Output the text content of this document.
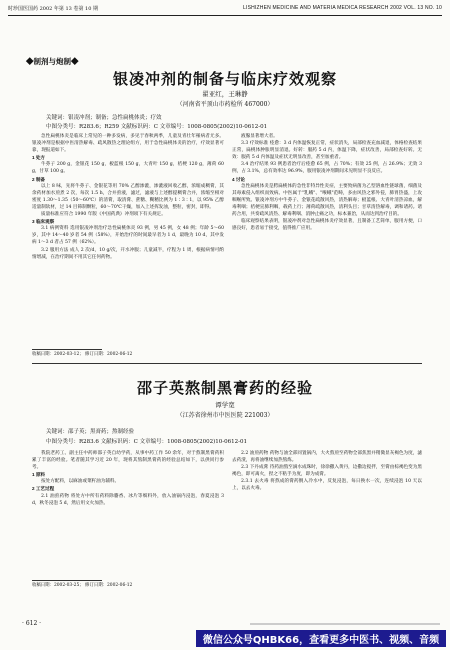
时珍国医国药 2002 年第 13 卷第 10 期	LISHIZHEN MEDICINE AND MATERIA MEDICA RESEARCH 2002 VOL. 13 NO. 10
◆制剂与炮制◆
银凌冲剂的制备与临床疗效观察
翟亚红，王琳静
（河南省平顶山市药检所 467000）
关键词：银凌冲剂；制备；急性扁桃体炎；疗效
中图分类号：R283.6；R259 文献标识码：C 文章编号：1008-0805(2002)10-0612-01

急性扁桃体炎是临床上常见的一种多发病，多见于春秋两季，儿童及青壮年罹病者尤多。银凌冲剂是根据中医清热解毒、疏风散热之理论组方，用于急性扁桃体炎的治疗，疗效显著可靠，现报道如下。

1 处方

牛蒡子 200 g，金银花 150 g，板蓝根 150 g，大青叶 150 g，桔梗 120 g，薄荷 60 g，甘草 100 g。

2 制备

以上 8 味，先将牛蒡子、金银花等用 70% 乙醇渗漉，渗漉液回收乙醇，浓缩成稠膏，其余药材加水煎煮 2 次，每次 1.5 h，合并煎液，滤过，滤液与上述醇提稠膏合并，浓缩至相对密度 1.30～1.35（50～60℃）的清膏，取清膏、蔗糖、糊精比例为 1∶3∶1，以 95% 乙醇适量制软材，过 14 目筛制颗粒，60～70℃干燥，加入上述挥发油，整粒，密封，即得。

质量标准应符合 1990 年版《中国药典》冲剂项下有关规定。

3 临床观察

3.1 病例资料 选用银凌冲剂治疗急性扁桃体炎 93 例，男 45 例，女 48 例；年龄 5～60 岁，其中 14～40 岁者 54 例（58%），开始治疗的时间最早者为 1 d，最晚为 10 d，其中发病 1～3 d 者占 57 例（62%）。

3.2 服用方法 成人 2 次/d，10 g/次，开水冲服；儿童减半，疗程为 1 周，根据病情可酌情增减，在治疗期间不用其它任何药物。

液腺显著增大者。

3.3 疗效标准 痊愈：3 d 内体温恢复正常，症状消失，局部检查充血减退，体格检查结果正常，扁桃体肿胀明显消退。好转：服药 5 d 内，体温下降，症状改善，局部检查好转。无效：服药 5 d 内体温及症状无明显改善，甚至加重者。

3.4 治疗结果 93 例患者治疗后痊愈 65 例，占 70%；有效 25 例，占 26.9%；无效 3 例，占 3.1%，总有效率达 96.9%，服用银凌冲剂期间未见明显不良反应。

4 讨论

急性扁桃体炎是腭扁桃体的急性非特异性炎症，主要致病菌为乙型溶血性链球菌，细菌及其毒素侵入组织而致病。中医属于"乳蛾"、"喉蛾"范畴，多由风热之邪外侵，肺胃热盛，上攻咽喉所致。银凌冲剂方中牛蒡子、金银花疏散风热，清热解毒；板蓝根、大青叶清热凉血，解毒利咽；桔梗宣肺利咽，载药上行；薄荷疏散风热，清利头目；甘草清热解毒，调和诸药。诸药合用，共奏疏风清热、解毒利咽、消肿止痛之功，标本兼治，从而达到治疗目的。

临床观察结果表明，银凌冲剂对急性扁桃体炎疗效显著，且制备工艺简单，服用方便，口感良好，患者易于接受，值得推广应用。

收稿日期：2002-03-12； 修订日期：2002-06-12
邵子英熬制黑膏药的经验
谭学宽
（江苏省徐州市中医医院 221003）
关键词：邵子英；黑膏药；熬制经验
中图分类号：R283.6 文献标识码：C 文章编号：1008-0805(2002)10-0612-01

我院老药工、副主任中药师邵子英自幼学药，从事中药工作 50 余年，对于熬制黑膏药积累了丰富的经验。笔者随其学习近 20 年，现将其熬制黑膏药的经验总结如下，以供同行参考。

1 原料

按处方配料，以麻油或菜籽油为辅料。

2 工艺过程

2.1 油煎药物 将处方中所有药料除麝香、冰片等细料外，放入油锅内浸泡，春夏浸泡 3 d，秋冬浸泡 5 d，然后用文火加热。

2.2 油煎药物 药物与油全部同置锅内，大火熬煎至药物全部焦黑并稍微显灰褐色为度，滤去药渣，再将油继续加热熬炼。

2.3 下丹成膏 待药油熬至滴水成珠时，徐徐撒入黄丹，边撒边搅拌，至膏由棕褐色变为黑褐色，即可离火，捏之不粘手为度，即为成膏。

2.3.1 去火毒 将熬成的膏药倒入冷水中，反复浸泡，每日换水一次，连续浸泡 10 天以上，以去火毒。

收稿日期：2002-03-25； 修订日期：2002-06-12
· 612 ·
微信公众号QHBK66，查看更多中医书、视频、音频
